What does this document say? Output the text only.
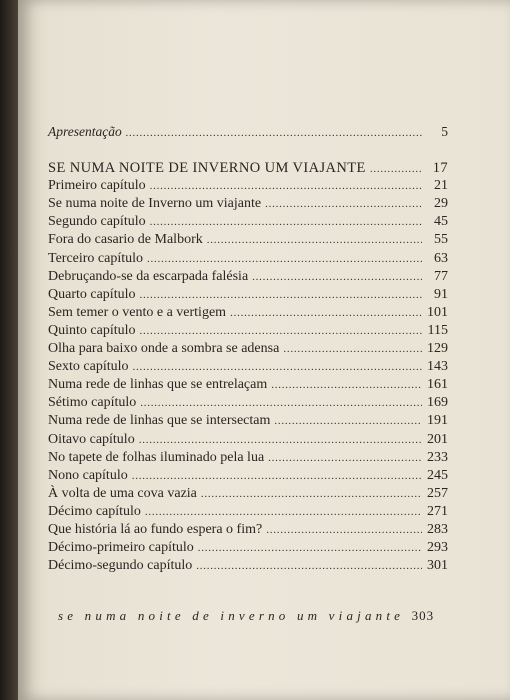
Apresentação . . .	5
SE NUMA NOITE DE INVERNO UM VIAJANTE . . .	17
Primeiro capítulo . . .	21
Se numa noite de Inverno um viajante . . .	29
Segundo capítulo . . .	45
Fora do casario de Malbork . . .	55
Terceiro capítulo . . .	63
Debruçando-se da escarpada falésia . . .	77
Quarto capítulo . . .	91
Sem temer o vento e a vertigem . . .	101
Quinto capítulo . . .	115
Olha para baixo onde a sombra se adensa . . .	129
Sexto capítulo . . .	143
Numa rede de linhas que se entrelaçam . . .	161
Sétimo capítulo . . .	169
Numa rede de linhas que se intersectam . . .	191
Oitavo capítulo . . .	201
No tapete de folhas iluminado pela lua . . .	233
Nono capítulo . . .	245
À volta de uma cova vazia . . .	257
Décimo capítulo . . .	271
Que história lá ao fundo espera o fim? . . .	283
Décimo-primeiro capítulo . . .	293
Décimo-segundo capítulo . . .	301
se numa noite de inverno um viajante 303
